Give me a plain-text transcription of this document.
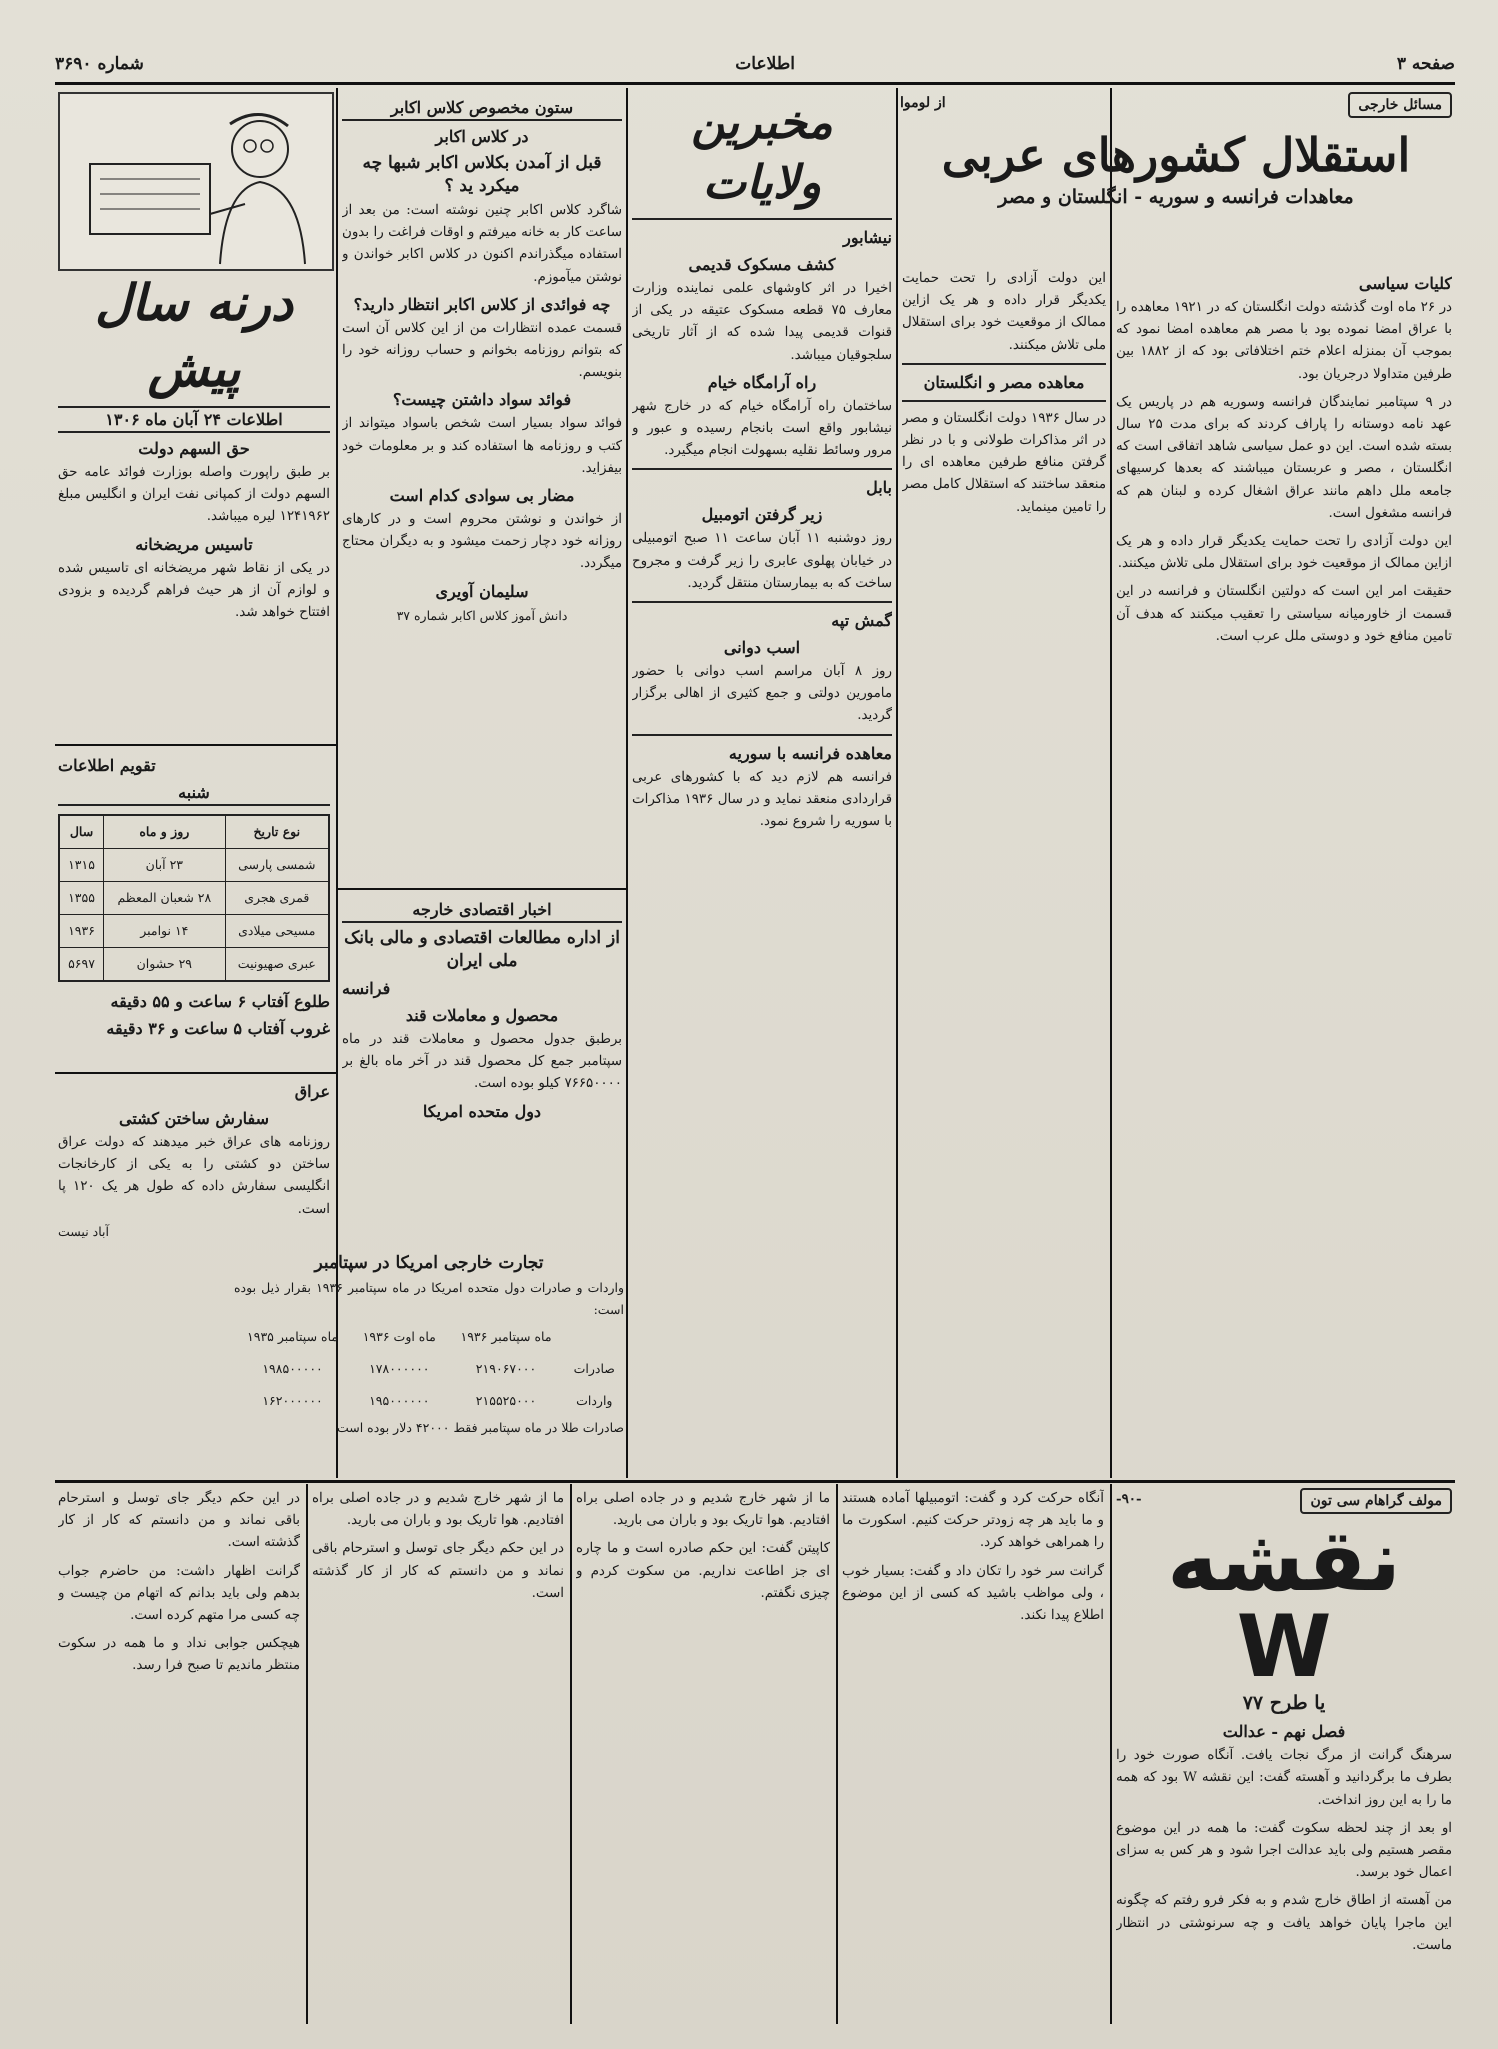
صفحه ۳
اطلاعات
شماره ۳۶۹۰
مسائل خارجی
از لوموا
استقلال کشورهای عربی
معاهدات فرانسه و سوریه - انگلستان و مصر
کلیات سیاسی

در ۲۶ ماه اوت گذشته دولت انگلستان که در ۱۹۲۱ معاهده را با عراق امضا نموده بود با مصر هم معاهده امضا نمود که بموجب آن بمنزله اعلام ختم اختلافاتی بود که از ۱۸۸۲ بین طرفین متداولا درجریان بود.

در ۹ سپتامبر نمایندگان فرانسه وسوریه هم در پاریس یک عهد نامه دوستانه را پاراف کردند که برای مدت ۲۵ سال بسته شده است. این دو عمل سیاسی شاهد اتفاقی است که انگلستان ، مصر و عربستان میباشند که بعدها کرسیهای جامعه ملل داهم مانند عراق اشغال کرده و لبنان هم که فرانسه مشغول است.

این دولت آزادی را تحت حمایت یکدیگر قرار داده و هر یک ازاین ممالک از موقعیت خود برای استقلال ملی تلاش میکنند.

حقیقت امر این است که دولتین انگلستان و فرانسه در این قسمت از خاورمیانه سیاستی را تعقیب میکنند که هدف آن تامین منافع خود و دوستی ملل عرب است.

این دولت آزادی را تحت حمایت یکدیگر قرار داده و هر یک ازاین ممالک از موقعیت خود برای استقلال ملی تلاش میکنند.

معاهده مصر و انگلستان

در سال ۱۹۳۶ دولت انگلستان و مصر در اثر مذاکرات طولانی و با در نظر گرفتن منافع طرفین معاهده ای را منعقد ساختند که استقلال کامل مصر را تامین مینماید.

مخبرین ولایات
نیشابور
کشف مسکوک قدیمی

اخیرا در اثر کاوشهای علمی نماینده وزارت معارف ۷۵ قطعه مسکوک عتیقه در یکی از قنوات قدیمی پیدا شده که از آثار تاریخی سلجوقیان میباشد.

راه آرامگاه خیام

ساختمان راه آرامگاه خیام که در خارج شهر نیشابور واقع است بانجام رسیده و عبور و مرور وسائط نقلیه بسهولت انجام میگیرد.

بابل
زیر گرفتن اتومبیل

روز دوشنبه ۱۱ آبان ساعت ۱۱ صبح اتومبیلی در خیابان پهلوی عابری را زیر گرفت و مجروح ساخت که به بیمارستان منتقل گردید.

گمش تپه
اسب دوانی

روز ۸ آبان مراسم اسب دوانی با حضور مامورین دولتی و جمع کثیری از اهالی برگزار گردید.

معاهده فرانسه با سوریه

فرانسه هم لازم دید که با کشورهای عربی قراردادی منعقد نماید و در سال ۱۹۳۶ مذاکرات با سوریه را شروع نمود.

ستون مخصوص کلاس اکابر
در کلاس اکابر
قبل از آمدن بکلاس اکابر شبها چه میکرد ید ؟

شاگرد کلاس اکابر چنین نوشته است: من بعد از ساعت کار به خانه میرفتم و اوقات فراغت را بدون استفاده میگذراندم اکنون در کلاس اکابر خواندن و نوشتن میآموزم.

چه فوائدی از کلاس اکابر انتظار دارید؟

قسمت عمده انتظارات من از این کلاس آن است که بتوانم روزنامه بخوانم و حساب روزانه خود را بنویسم.

فوائد سواد داشتن چیست؟

فوائد سواد بسیار است شخص باسواد میتواند از کتب و روزنامه ها استفاده کند و بر معلومات خود بیفزاید.

مضار بی سوادی کدام است

از خواندن و نوشتن محروم است و در کارهای روزانه خود دچار زحمت میشود و به دیگران محتاج میگردد.

سلیمان آویری
دانش آموز کلاس اکابر شماره ۳۷
اخبار اقتصادی خارجه
از اداره مطالعات اقتصادی و مالی بانک ملی ایران
فرانسه
محصول و معاملات قند

برطبق جدول محصول و معاملات قند در ماه سپتامبر جمع کل محصول قند در آخر ماه بالغ بر ۷۶۶۵۰۰۰۰ کیلو بوده است.

دول متحده امریکا
تجارت خارجی امریکا در سپتامبر

واردات و صادرات دول متحده امریکا در ماه سپتامبر ۱۹۳۶ بقرار ذیل بوده است:

	ماه سپتامبر ۱۹۳۶	ماه اوت ۱۹۳۶	ماه سپتامبر ۱۹۳۵
صادرات	۲۱۹۰۶۷۰۰۰	۱۷۸۰۰۰۰۰۰	۱۹۸۵۰۰۰۰۰
واردات	۲۱۵۵۲۵۰۰۰	۱۹۵۰۰۰۰۰۰	۱۶۲۰۰۰۰۰۰

صادرات طلا در ماه سپتامبر فقط ۴۲۰۰۰ دلار بوده است

درنه سال پیش
اطلاعات ۲۴ آبان ماه ۱۳۰۶
حق السهم دولت

بر طبق راپورت واصله بوزارت فوائد عامه حق السهم دولت از کمپانی نفت ایران و انگلیس مبلغ ۱۲۴۱۹۶۲ لیره میباشد.

تاسیس مریضخانه

در یکی از نقاط شهر مریضخانه ای تاسیس شده و لوازم آن از هر حیث فراهم گردیده و بزودی افتتاح خواهد شد.

تقویم اطلاعات
شنبه
نوع تاریخ	روز و ماه	سال
شمسی پارسی	۲۳ آبان	۱۳۱۵
قمری هجری	۲۸ شعبان المعظم	۱۳۵۵
مسیحی میلادی	۱۴ نوامبر	۱۹۳۶
عبری صهیونیت	۲۹ حشوان	۵۶۹۷
طلوع آفتاب ۶ ساعت و ۵۵ دقیقه
غروب آفتاب ۵ ساعت و ۳۶ دقیقه
عراق
سفارش ساختن کشتی

روزنامه های عراق خبر میدهند که دولت عراق ساختن دو کشتی را به یکی از کارخانجات انگلیسی سفارش داده که طول هر یک ۱۲۰ پا است.

آباد نیست
مولف گراهام سی تون
-۹۰-
نقشه W
یا طرح ۷۷
فصل نهم - عدالت

سرهنگ گرانت از مرگ نجات یافت. آنگاه صورت خود را بطرف ما برگردانید و آهسته گفت: این نقشه W بود که همه ما را به این روز انداخت.

او بعد از چند لحظه سکوت گفت: ما همه در این موضوع مقصر هستیم ولی باید عدالت اجرا شود و هر کس به سزای اعمال خود برسد.

من آهسته از اطاق خارج شدم و به فکر فرو رفتم که چگونه این ماجرا پایان خواهد یافت و چه سرنوشتی در انتظار ماست.

آنگاه حرکت کرد و گفت: اتومبیلها آماده هستند و ما باید هر چه زودتر حرکت کنیم. اسکورت ما را همراهی خواهد کرد.

گرانت سر خود را تکان داد و گفت: بسیار خوب ، ولی مواظب باشید که کسی از این موضوع اطلاع پیدا نکند.

ما از شهر خارج شدیم و در جاده اصلی براه افتادیم. هوا تاریک بود و باران می بارید.

کاپیتن گفت: این حکم صادره است و ما چاره ای جز اطاعت نداریم. من سکوت کردم و چیزی نگفتم.

در این حکم دیگر جای توسل و استرحام باقی نماند و من دانستم که کار از کار گذشته است.

گرانت اظهار داشت: من حاضرم جواب بدهم ولی باید بدانم که اتهام من چیست و چه کسی مرا متهم کرده است.

هیچکس جوابی نداد و ما همه در سکوت منتظر ماندیم تا صبح فرا رسد.

ما از شهر خارج شدیم و در جاده اصلی براه افتادیم. هوا تاریک بود و باران می بارید.

در این حکم دیگر جای توسل و استرحام باقی نماند و من دانستم که کار از کار گذشته است.
